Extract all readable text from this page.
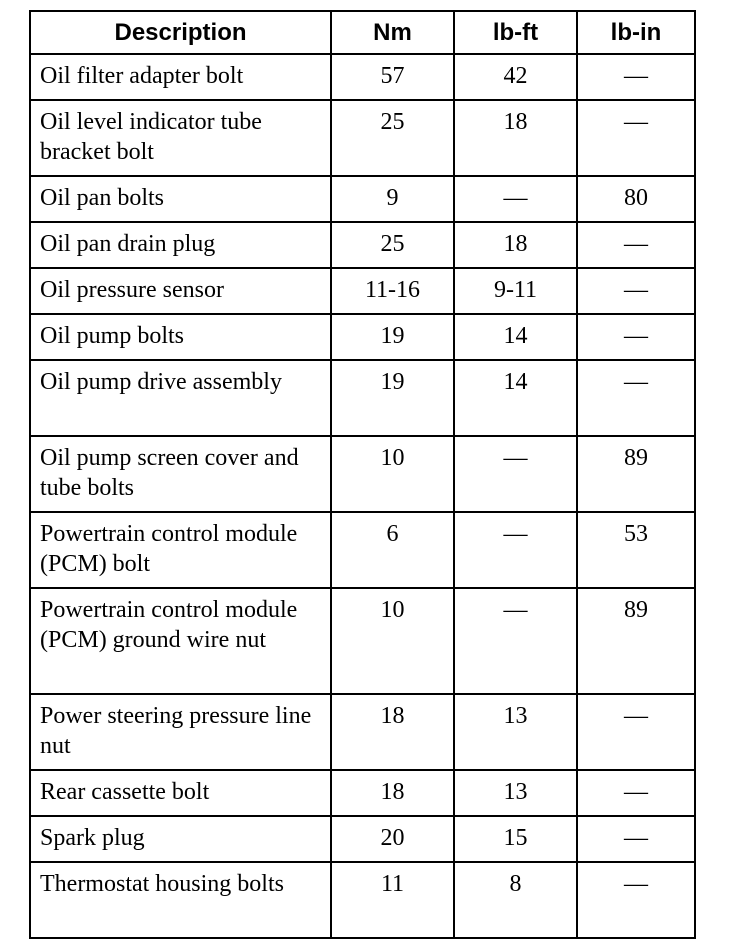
Description	Nm	lb-ft	lb-in
Oil filter adapter bolt	57	42	—
Oil level indicator tube bracket bolt	25	18	—
Oil pan bolts	9	—	80
Oil pan drain plug	25	18	—
Oil pressure sensor	11-16	9-11	—
Oil pump bolts	19	14	—
Oil pump drive assembly	19	14	—
Oil pump screen cover and tube bolts	10	—	89
Powertrain control module (PCM) bolt	6	—	53
Powertrain control module (PCM) ground wire nut	10	—	89
Power steering pressure line nut	18	13	—
Rear cassette bolt	18	13	—
Spark plug	20	15	—
Thermostat housing bolts	11	8	—
